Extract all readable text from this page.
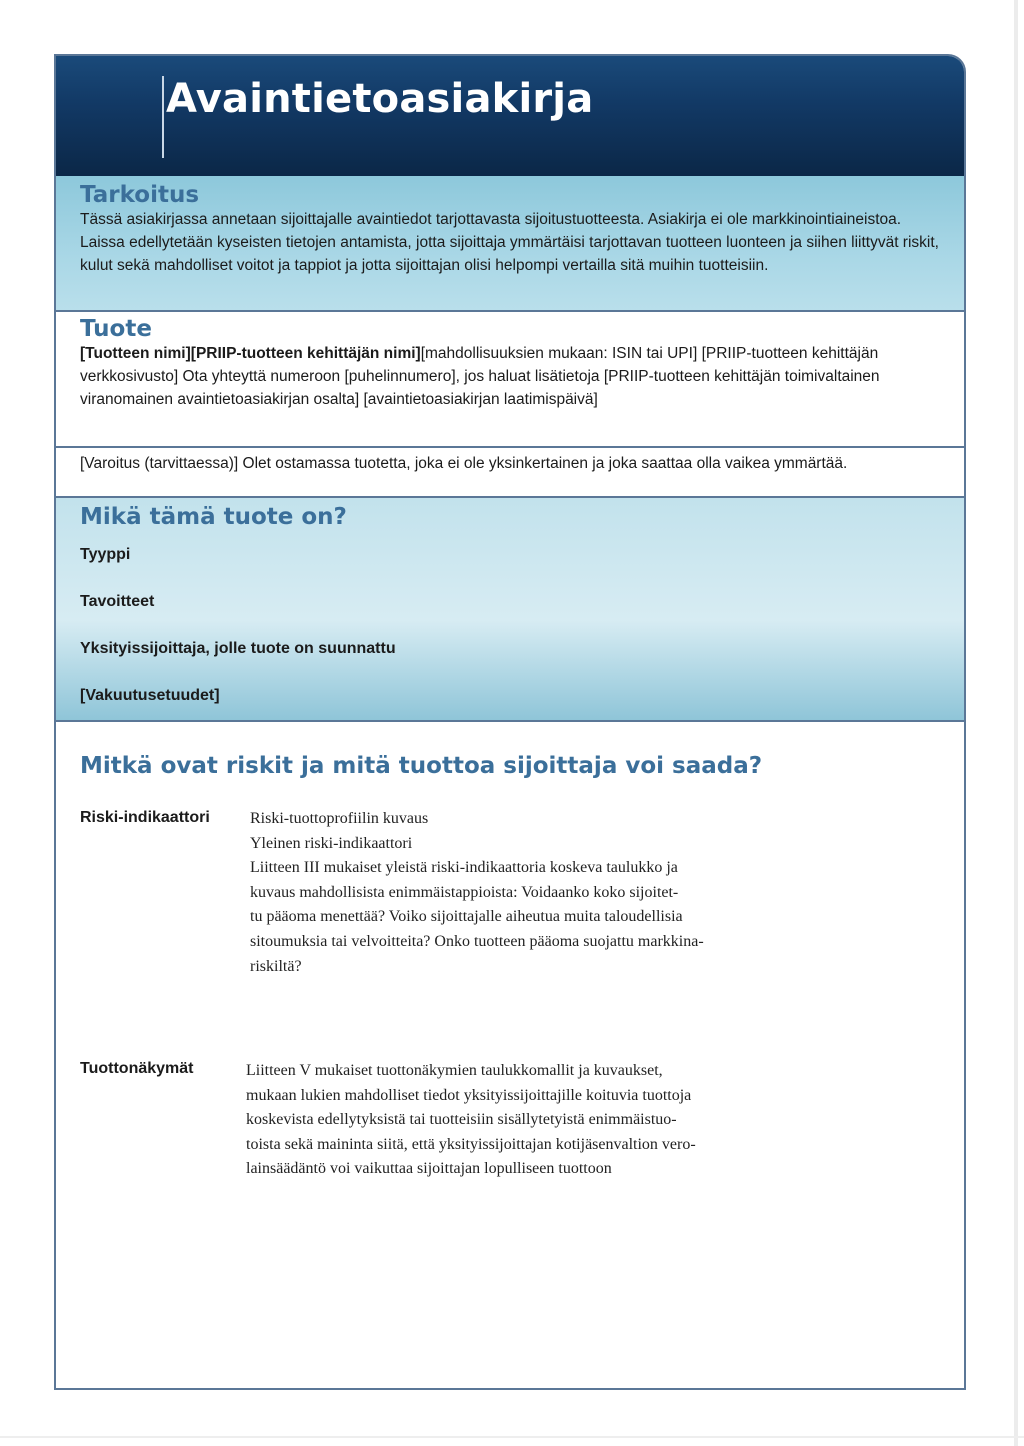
Avaintietoasiakirja
Tarkoitus

Tässä asiakirjassa annetaan sijoittajalle avaintiedot tarjottavasta sijoitustuotteesta. Asiakirja ei ole markkinointiaineistoa. Laissa edellytetään kyseisten tietojen antamista, jotta sijoittaja ymmärtäisi tarjottavan tuotteen luonteen ja siihen liittyvät riskit, kulut sekä mahdolliset voitot ja tappiot ja jotta sijoittajan olisi helpompi vertailla sitä muihin tuotteisiin.

Tuote

[Tuotteen nimi][PRIIP-tuotteen kehittäjän nimi][mahdollisuuksien mukaan: ISIN tai UPI] [PRIIP-tuotteen kehittäjän verkkosivusto] Ota yhteyttä numeroon [puhelinnumero], jos haluat lisätietoja [PRIIP-tuotteen kehittäjän toimivaltainen viranomainen avaintietoasiakirjan osalta] [avaintietoasiakirjan laatimispäivä]

[Varoitus (tarvittaessa)] Olet ostamassa tuotetta, joka ei ole yksinkertainen ja joka saattaa olla vaikea ymmärtää.

Mikä tämä tuote on?
Tyyppi
Tavoitteet
Yksityissijoittaja, jolle tuote on suunnattu
[Vakuutusetuudet]
Mitkä ovat riskit ja mitä tuottoa sijoittaja voi saada?
Riski-indikaattori	Riski-tuottoprofiilin kuvaus
Yleinen riski-indikaattori
Liitteen III mukaiset yleistä riski-indikaattoria koskeva taulukko ja
kuvaus mahdollisista enimmäistappioista: Voidaanko koko sijoitet-
tu pääoma menettää? Voiko sijoittajalle aiheutua muita taloudellisia
sitoumuksia tai velvoitteita? Onko tuotteen pääoma suojattu markkina-
riskiltä?

Tuottonäkymät	Liitteen V mukaiset tuottonäkymien taulukkomallit ja kuvaukset,
mukaan lukien mahdolliset tiedot yksityissijoittajille koituvia tuottoja
koskevista edellytyksistä tai tuotteisiin sisällytetyistä enimmäistuo-
toista sekä maininta siitä, että yksityissijoittajan kotijäsenvaltion vero-
lainsäädäntö voi vaikuttaa sijoittajan lopulliseen tuottoon
